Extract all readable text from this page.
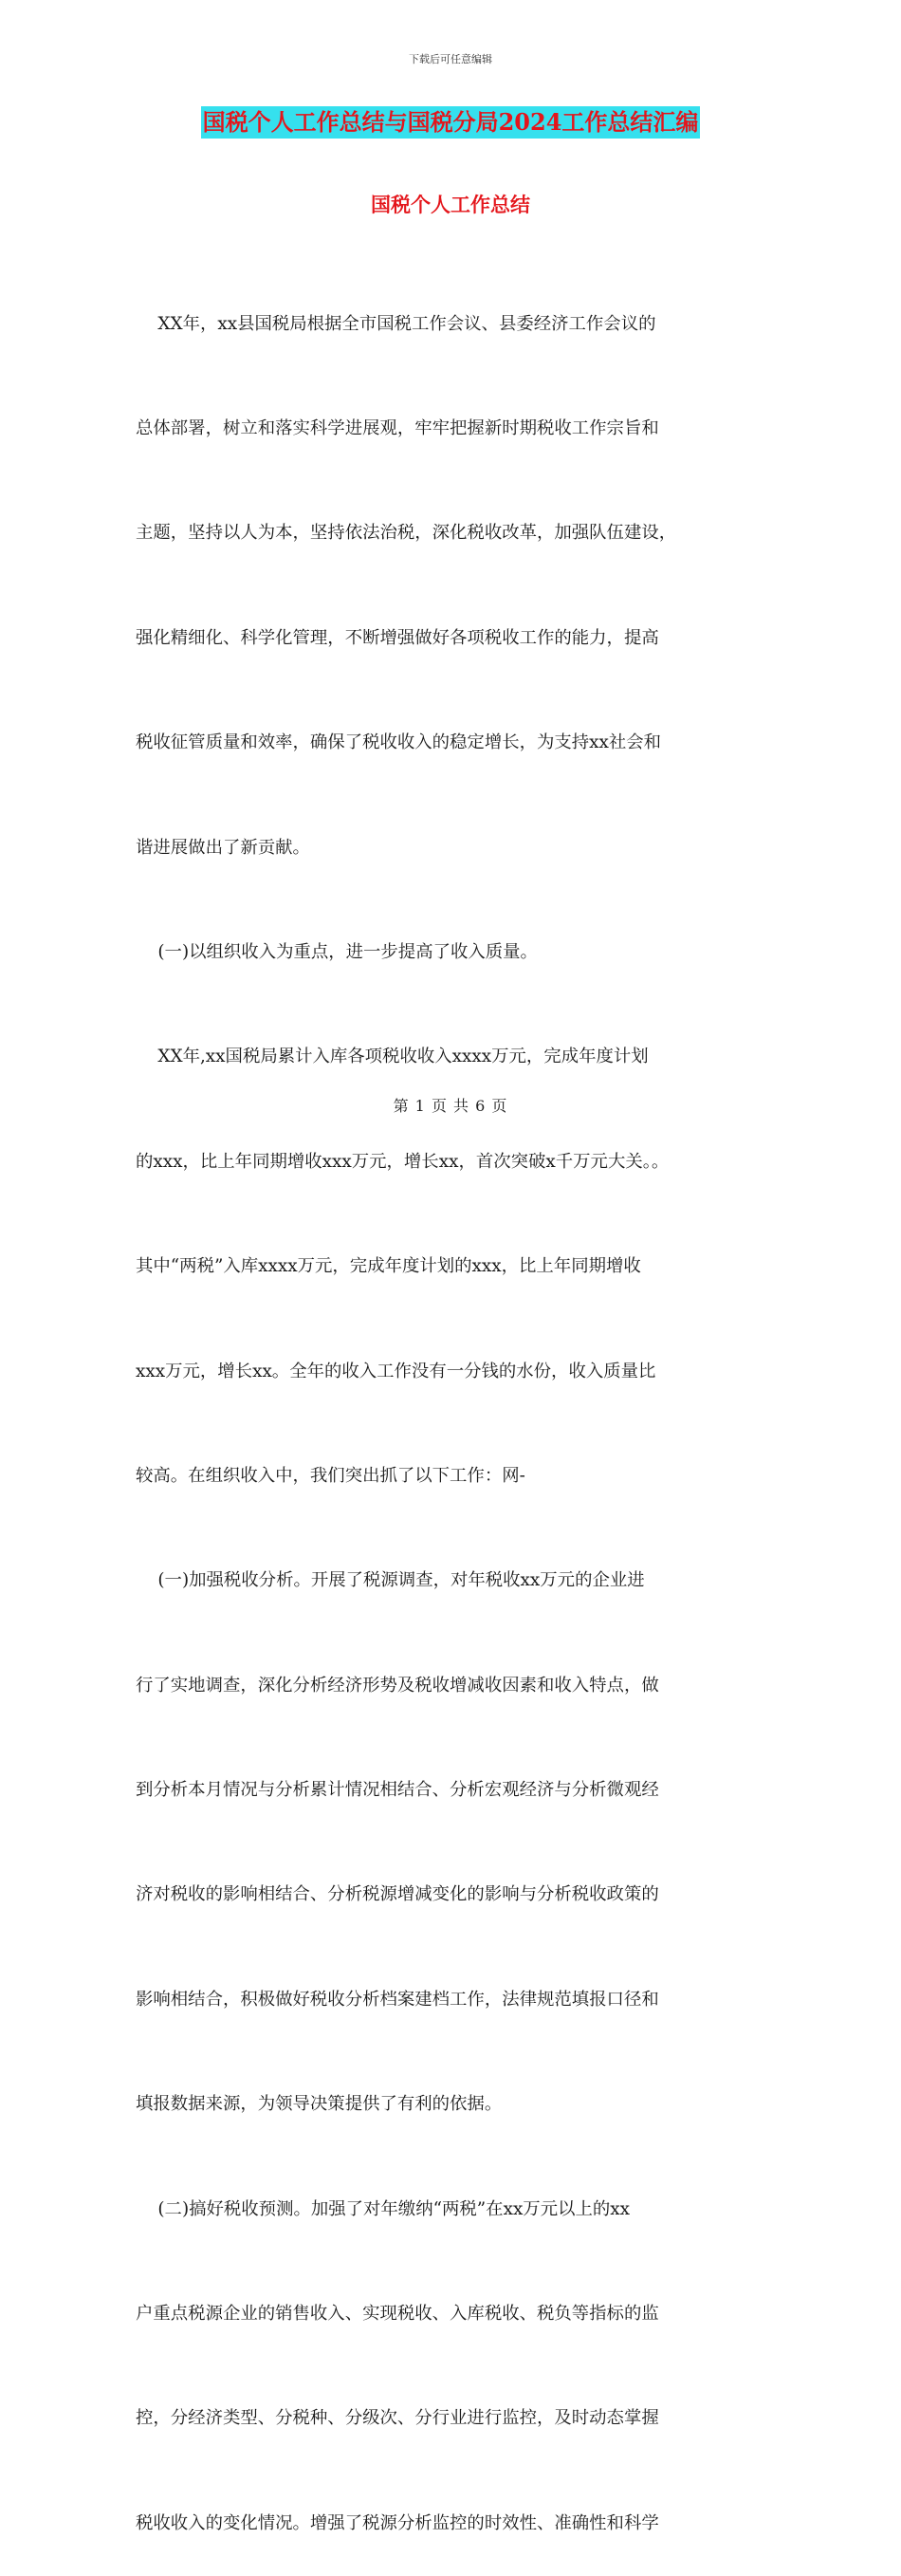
下载后可任意编辑
国税个人工作总结与国税分局2024工作总结汇编
国税个人工作总结

XX年，xx县国税局根据全市国税工作会议、县委经济工作会议的

总体部署，树立和落实科学进展观，牢牢把握新时期税收工作宗旨和

主题，坚持以人为本，坚持依法治税，深化税收改革，加强队伍建设，

强化精细化、科学化管理，不断增强做好各项税收工作的能力，提高

税收征管质量和效率，确保了税收收入的稳定增长，为支持xx社会和

谐进展做出了新贡献。

(一)以组织收入为重点，进一步提高了收入质量。

XX年,xx国税局累计入库各项税收收入xxxx万元，完成年度计划

的xxx，比上年同期增收xxx万元，增长xx，首次突破x千万元大关。。

其中“两税”入库xxxx万元，完成年度计划的xxx，比上年同期增收

xxx万元，增长xx。全年的收入工作没有一分钱的水份，收入质量比

较高。在组织收入中，我们突出抓了以下工作：网-

(一)加强税收分析。开展了税源调查，对年税收xx万元的企业进

行了实地调查，深化分析经济形势及税收增减收因素和收入特点，做

到分析本月情况与分析累计情况相结合、分析宏观经济与分析微观经

济对税收的影响相结合、分析税源增减变化的影响与分析税收政策的

影响相结合，积极做好税收分析档案建档工作，法律规范填报口径和

填报数据来源，为领导决策提供了有利的依据。

(二)搞好税收预测。加强了对年缴纳“两税”在xx万元以上的xx

户重点税源企业的销售收入、实现税收、入库税收、税负等指标的监

控，分经济类型、分税种、分级次、分行业进行监控，及时动态掌握

税收收入的变化情况。增强了税源分析监控的时效性、准确性和科学

第 1 页 共 6 页
